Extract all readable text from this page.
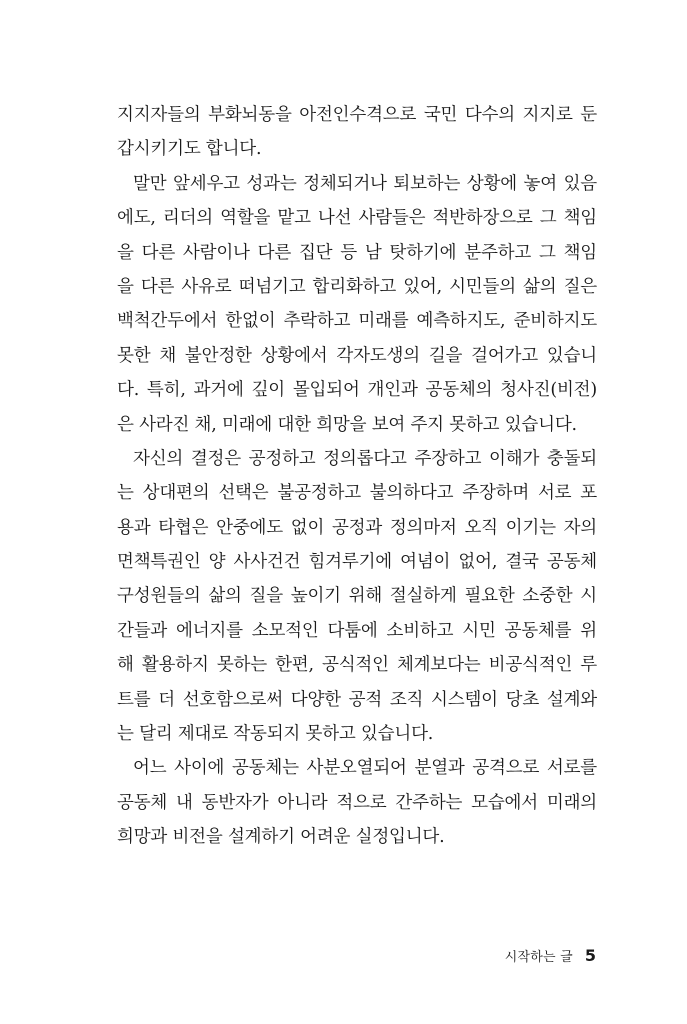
지지자들의 부화뇌동을 아전인수격으로 국민 다수의 지지로 둔
갑시키기도 합니다.
말만 앞세우고 성과는 정체되거나 퇴보하는 상황에 놓여 있음
에도, 리더의 역할을 맡고 나선 사람들은 적반하장으로 그 책임
을 다른 사람이나 다른 집단 등 남 탓하기에 분주하고 그 책임
을 다른 사유로 떠넘기고 합리화하고 있어, 시민들의 삶의 질은
백척간두에서 한없이 추락하고 미래를 예측하지도, 준비하지도
못한 채 불안정한 상황에서 각자도생의 길을 걸어가고 있습니
다. 특히, 과거에 깊이 몰입되어 개인과 공동체의 청사진(비전)
은 사라진 채, 미래에 대한 희망을 보여 주지 못하고 있습니다.
자신의 결정은 공정하고 정의롭다고 주장하고 이해가 충돌되
는 상대편의 선택은 불공정하고 불의하다고 주장하며 서로 포
용과 타협은 안중에도 없이 공정과 정의마저 오직 이기는 자의
면책특권인 양 사사건건 힘겨루기에 여념이 없어, 결국 공동체
구성원들의 삶의 질을 높이기 위해 절실하게 필요한 소중한 시
간들과 에너지를 소모적인 다툼에 소비하고 시민 공동체를 위
해 활용하지 못하는 한편, 공식적인 체계보다는 비공식적인 루
트를 더 선호함으로써 다양한 공적 조직 시스템이 당초 설계와
는 달리 제대로 작동되지 못하고 있습니다.
어느 사이에 공동체는 사분오열되어 분열과 공격으로 서로를
공동체 내 동반자가 아니라 적으로 간주하는 모습에서 미래의
희망과 비전을 설계하기 어려운 실정입니다.
시작하는 글 5
